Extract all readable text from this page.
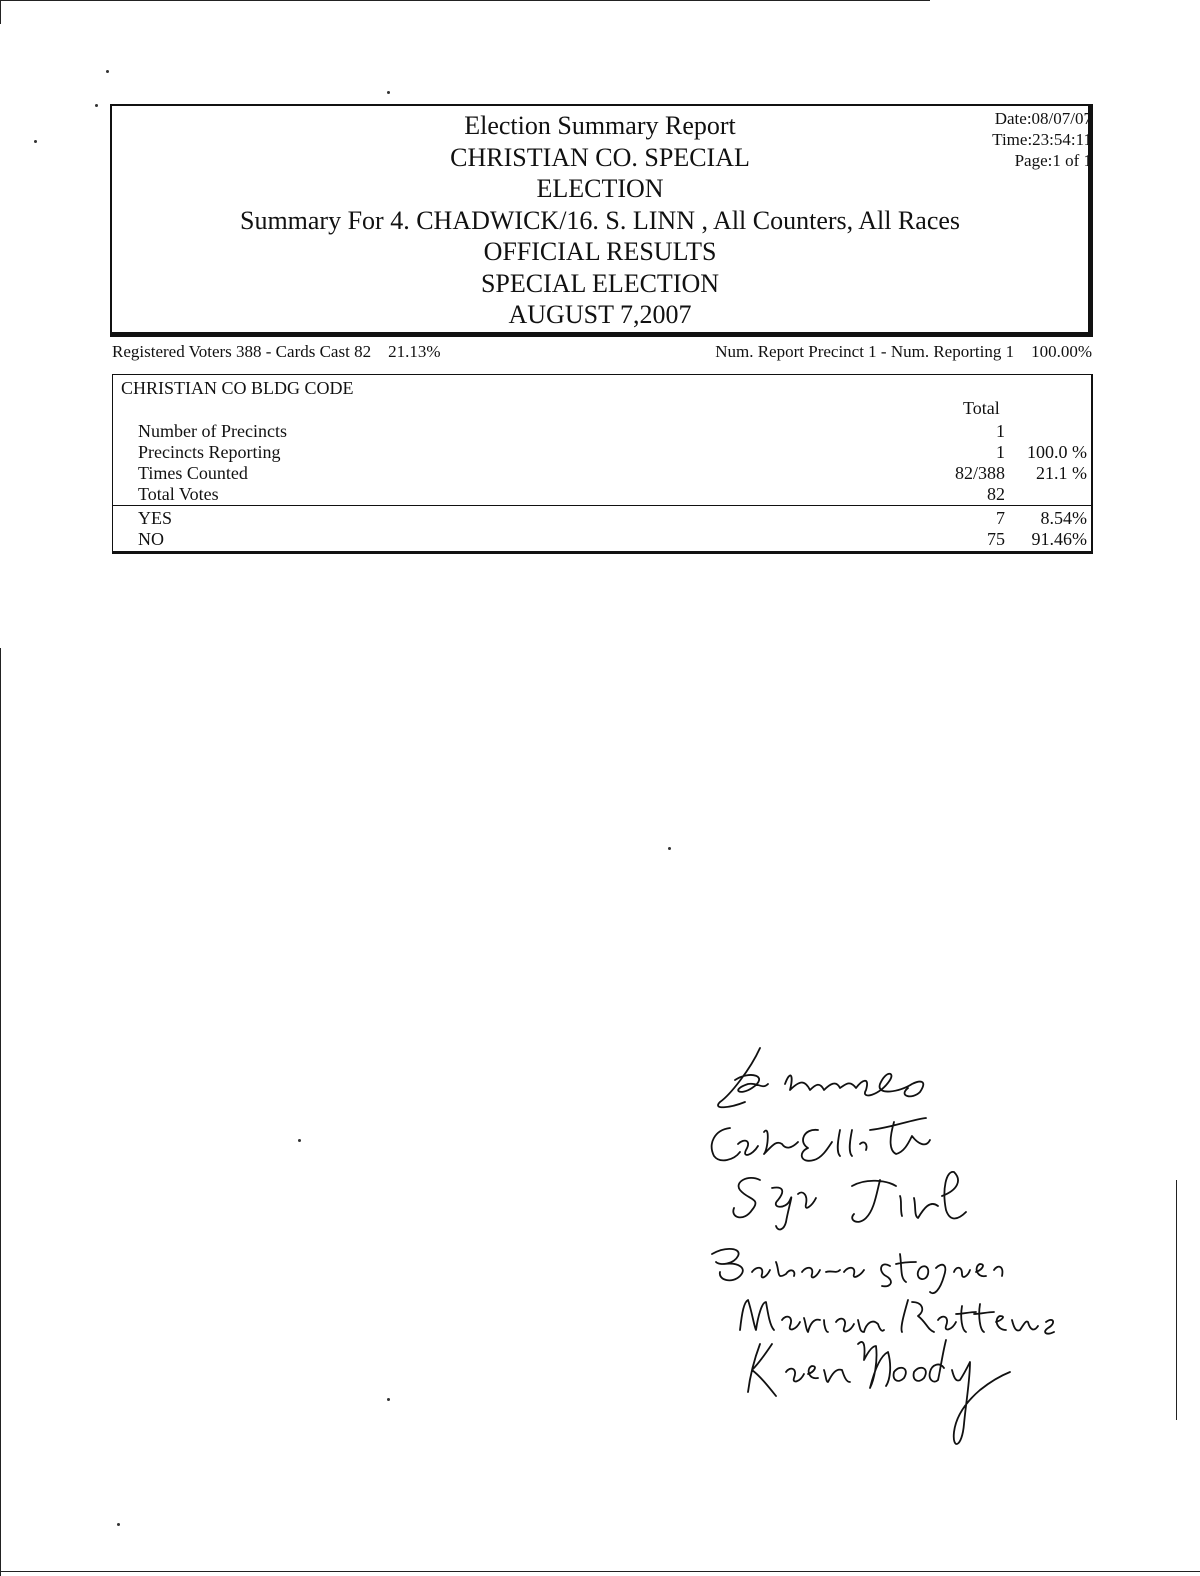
Election Summary Report
CHRISTIAN CO. SPECIAL
ELECTION
Summary For 4. CHADWICK/16. S. LINN , All Counters, All Races
OFFICIAL RESULTS
SPECIAL ELECTION
AUGUST 7,2007
Date:08/07/07
Time:23:54:11
Page:1 of 1
Registered Voters 388 - Cards Cast 82    21.13%	Num. Report Precinct 1 - Num. Reporting 1    100.00%
CHRISTIAN CO BLDG CODE
Total
Number of Precincts	1
Precincts Reporting	1 100.0 %
Times Counted	82/388 21.1 %
Total Votes	82
YES	7 8.54%
NO	75 91.46%
